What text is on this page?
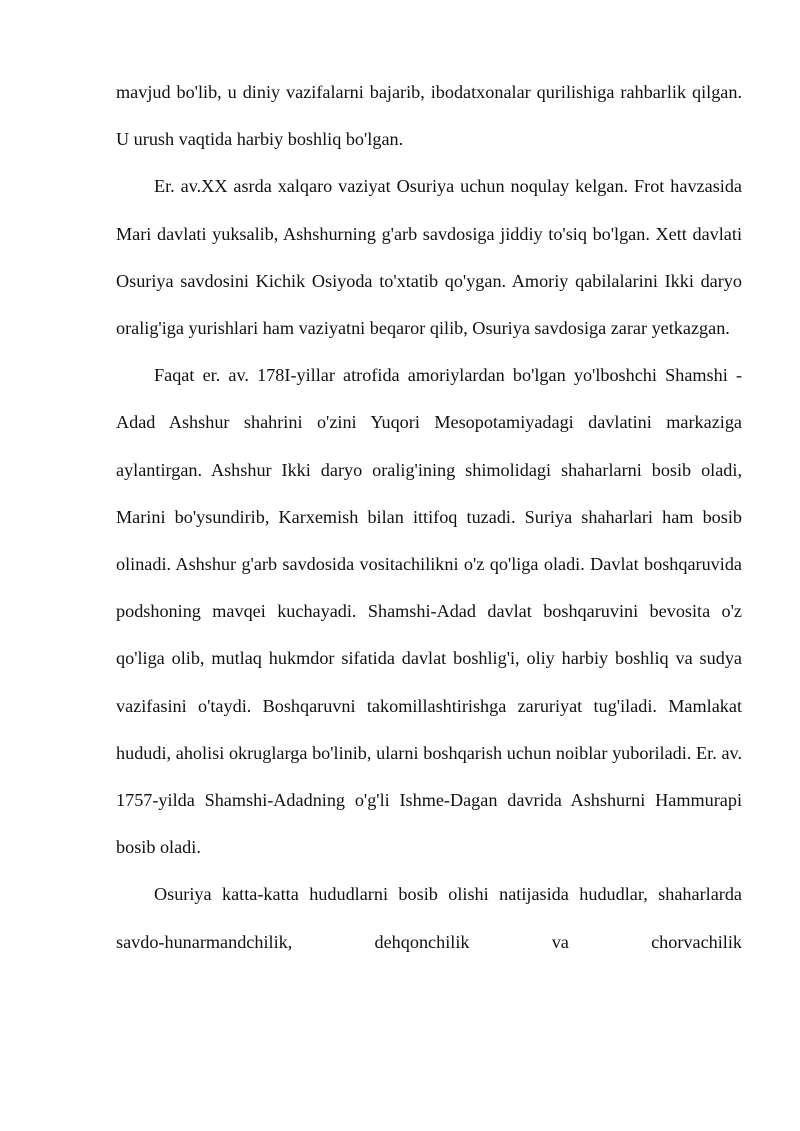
mavjud bo'lib, u diniy vazifalarni bajarib, ibodatxonalar qurilishiga rahbarlik qilgan. U urush vaqtida harbiy boshliq bo'lgan.

Er. av.XX asrda xalqaro vaziyat Osuriya uchun noqulay kelgan. Frot havzasida Mari davlati yuksalib, Ashshurning g'arb savdosiga jiddiy to'siq bo'lgan. Xett davlati Osuriya savdosini Kichik Osiyoda to'xtatib qo'ygan. Amoriy qabilalarini Ikki daryo oralig'iga yurishlari ham vaziyatni beqaror qilib, Osuriya savdosiga zarar yetkazgan.

Faqat er. av. 178I-yillar atrofida amoriylardan bo'lgan yo'lboshchi Shamshi -Adad Ashshur shahrini o'zini Yuqori Mesopotamiyadagi davlatini markaziga aylantirgan. Ashshur Ikki daryo oralig'ining shimolidagi shaharlarni bosib oladi, Marini bo'ysundirib, Karxemish bilan ittifoq tuzadi. Suriya shaharlari ham bosib olinadi. Ashshur g'arb savdosida vositachilikni o'z qo'liga oladi. Davlat boshqaruvida podshoning mavqei kuchayadi. Shamshi-Adad davlat boshqaruvini bevosita o'z qo'liga olib, mutlaq hukmdor sifatida davlat boshlig'i, oliy harbiy boshliq va sudya vazifasini o'taydi. Boshqaruvni takomillashtirishga zaruriyat tug'iladi. Mamlakat hududi, aholisi okruglarga bo'linib, ularni boshqarish uchun noiblar yuboriladi. Er. av. 1757-yilda Shamshi-Adadning o'g'li Ishme-Dagan davrida Ashshurni Hammurapi bosib oladi.

Osuriya katta-katta hududlarni bosib olishi natijasida hududlar, shaharlarda savdo-hunarmandchilik, dehqonchilik va chorvachilik
